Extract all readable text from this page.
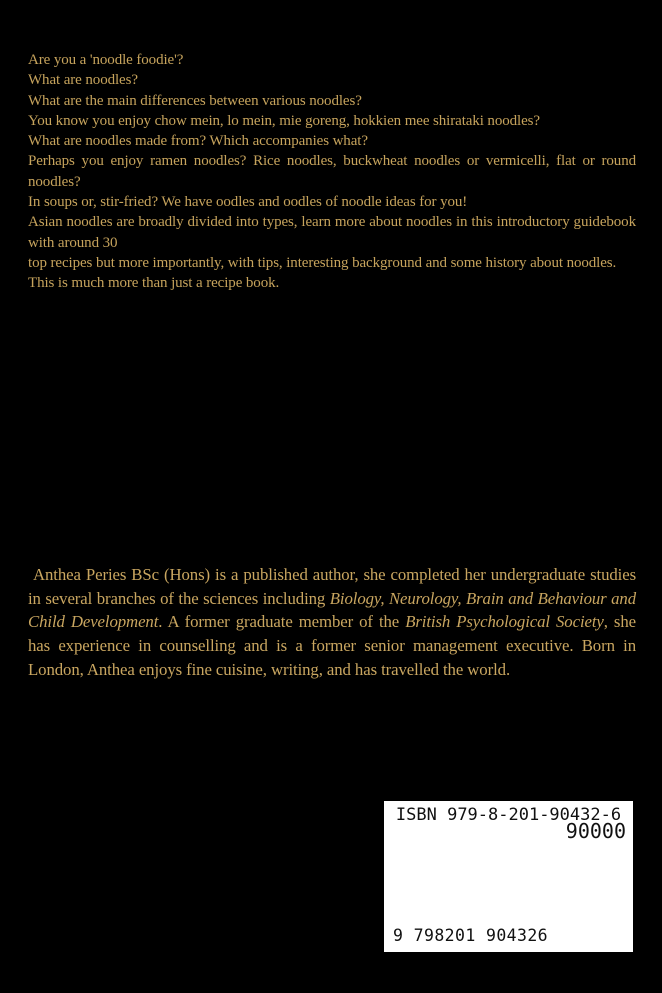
Are you a 'noodle foodie'?

What are noodles?

What are the main differences between various noodles?

You know you enjoy chow mein, lo mein, mie goreng, hokkien mee shirataki noodles?

What are noodles made from? Which accompanies what?

Perhaps you enjoy ramen noodles? Rice noodles, buckwheat noodles or vermicelli, flat or round noodles?

In soups or, stir-fried? We have oodles and oodles of noodle ideas for you!

Asian noodles are broadly divided into types, learn more about noodles in this introductory guidebook with around 30

top recipes but more importantly, with tips, interesting background and some history about noodles.

This is much more than just a recipe book.

Anthea Peries BSc (Hons) is a published author, she completed her undergraduate studies in several branches of the sciences including Biology, Neurology, Brain and Behaviour and Child Development. A former graduate member of the British Psychological Society, she has experience in counselling and is a former senior management executive. Born in London, Anthea enjoys fine cuisine, writing, and has travelled the world.

ISBN 979-8-201-90432-6
90000
9 798201 904326
